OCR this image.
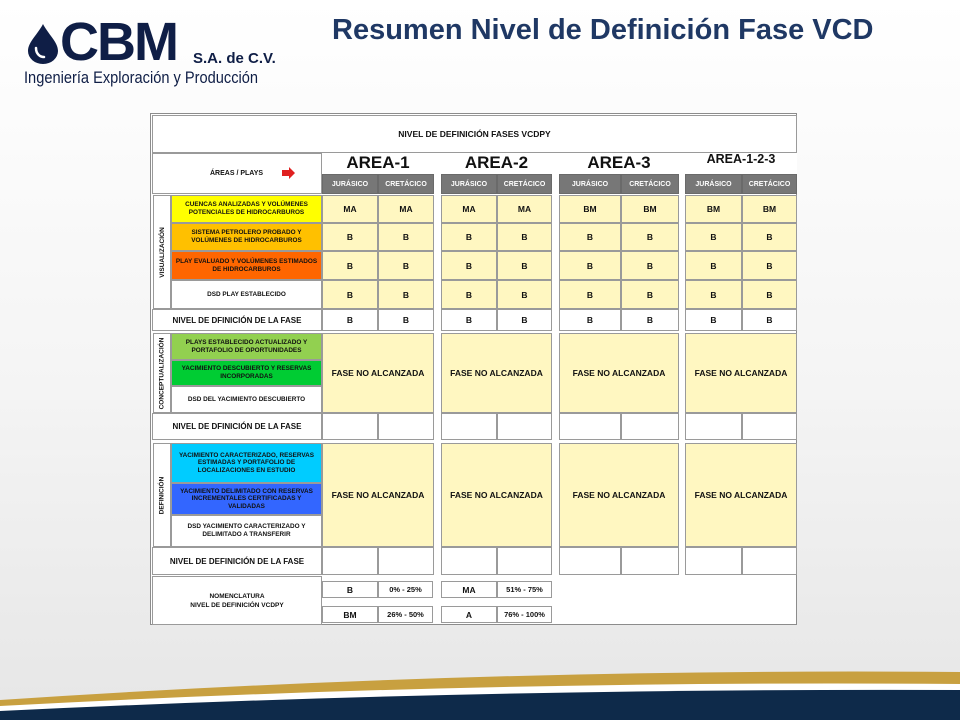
CBM S.A. de C.V.
Ingeniería Exploración y Producción
Resumen Nivel de Definición Fase VCD
NIVEL DE DEFINICIÓN FASES VCDPY
ÁREAS / PLAYS
AREA-1
JURÁSICO	CRETÁCICO
AREA-2
JURÁSICO	CRETÁCICO
AREA-3
JURÁSICO	CRETÁCICO
AREA-1-2-3
JURÁSICO	CRETÁCICO
VISUALIZACIÓN
CUENCAS ANALIZADAS Y VOLÚMENES POTENCIALES DE HIDROCARBUROS	MA	MA	MA	MA	BM	BM	BM	BM
SISTEMA PETROLERO PROBADO Y VOLÚMENES DE HIDROCARBUROS	B	B	B	B	B	B	B	B
PLAY EVALUADO Y VOLÚMENES ESTIMADOS DE HIDROCARBUROS	B	B	B	B	B	B	B	B
DSD PLAY ESTABLECIDO	B	B	B	B	B	B	B	B
NIVEL DE DFINICIÓN DE LA FASE	B	B	B	B	B	B	B	B
CONCEPTUALIZACIÓN	PLAYS ESTABLECIDO ACTUALIZADO Y PORTAFOLIO DE OPORTUNIDADES
YACIMIENTO DESCUBIERTO Y RESERVAS INCORPORADAS
DSD DEL YACIMIENTO DESCUBIERTO
FASE NO ALCANZADA	FASE NO ALCANZADA	FASE NO ALCANZADA	FASE NO ALCANZADA
NIVEL DE DFINICIÓN DE LA FASE
DEFINICIÓN
YACIMIENTO CARACTERIZADO, RESERVAS ESTIMADAS Y PORTAFOLIO DE LOCALIZACIONES EN ESTUDIO
YACIMIENTO DELIMITADO CON RESERVAS INCREMENTALES CERTIFICADAS Y VALIDADAS
DSD YACIMIENTO CARACTERIZADO Y DELIMITADO A TRANSFERIR
FASE NO ALCANZADA	FASE NO ALCANZADA	FASE NO ALCANZADA	FASE NO ALCANZADA
NIVEL DE DEFINICIÓN DE LA FASE
NOMENCLATURA
NIVEL DE DEFINICIÓN VCDPY
B	0% - 25%	MA	51% - 75%
BM	26% - 50%	A	76% - 100%
